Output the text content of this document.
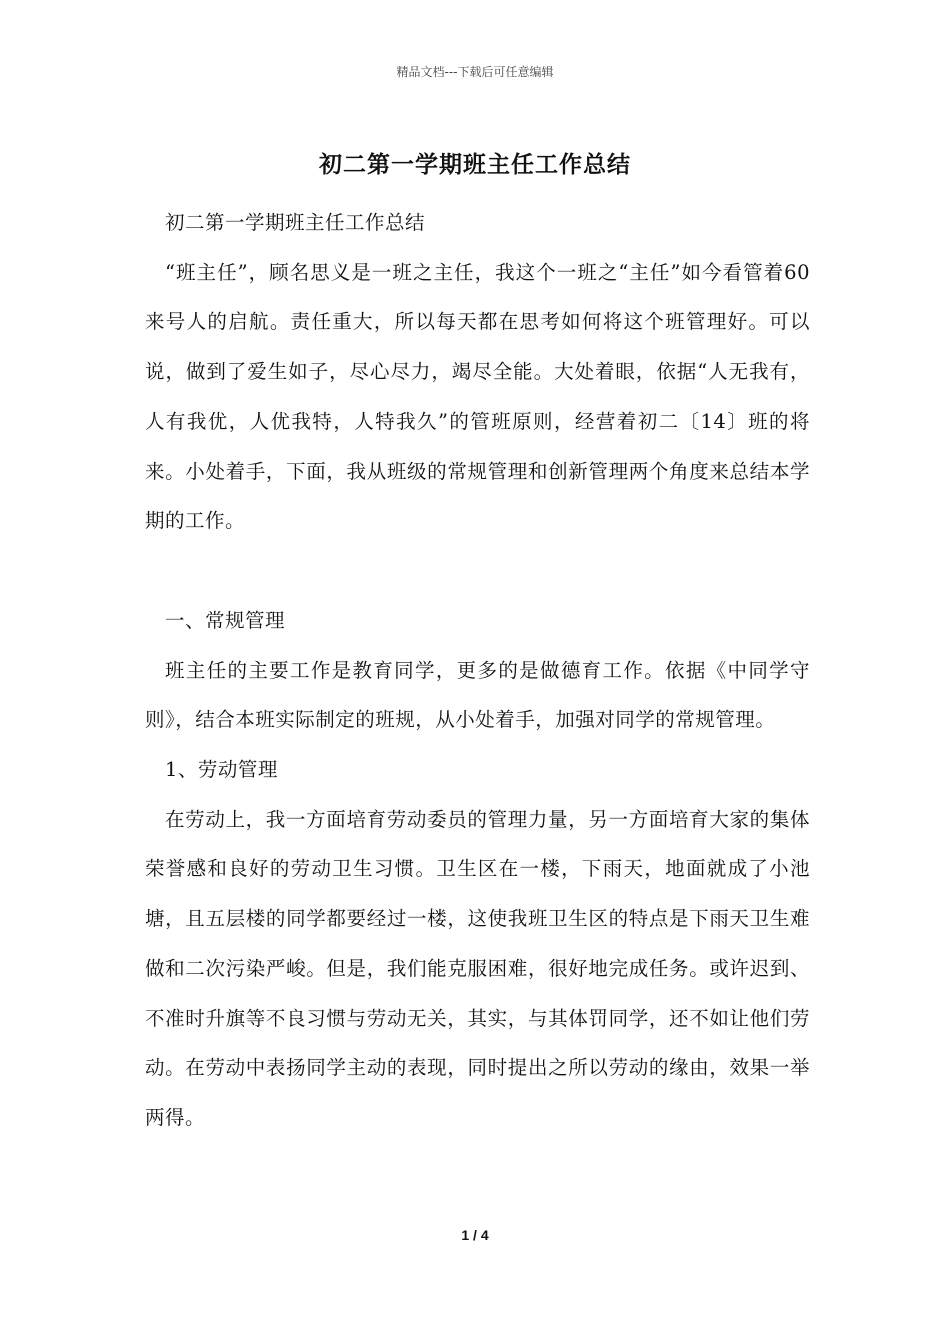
精品文档---下载后可任意编辑
初二第一学期班主任工作总结

初二第一学期班主任工作总结

“班主任”，顾名思义是一班之主任，我这个一班之“主任”如今看管着60来号人的启航。责任重大，所以每天都在思考如何将这个班管理好。可以说，做到了爱生如子，尽心尽力，竭尽全能。大处着眼，依据“人无我有，人有我优，人优我特，人特我久”的管班原则，经营着初二〔14〕班的将来。小处着手，下面，我从班级的常规管理和创新管理两个角度来总结本学期的工作。

一、常规管理

班主任的主要工作是教育同学，更多的是做德育工作。依据《中同学守则》，结合本班实际制定的班规，从小处着手，加强对同学的常规管理。

1、劳动管理

在劳动上，我一方面培育劳动委员的管理力量，另一方面培育大家的集体荣誉感和良好的劳动卫生习惯。卫生区在一楼，下雨天，地面就成了小池塘，且五层楼的同学都要经过一楼，这使我班卫生区的特点是下雨天卫生难做和二次污染严峻。但是，我们能克服困难，很好地完成任务。或许迟到、不准时升旗等不良习惯与劳动无关，其实，与其体罚同学，还不如让他们劳动。在劳动中表扬同学主动的表现，同时提出之所以劳动的缘由，效果一举两得。

1 / 4
